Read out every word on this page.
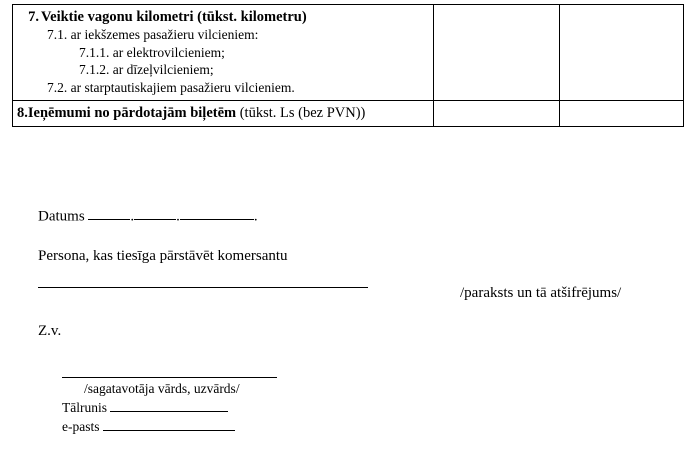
7. Veiktie vagonu kilometri (tūkst. kilometru)
7.1. ar iekšzemes pasažieru vilcieniem:
7.1.1. ar elektrovilcieniem;
7.1.2. ar dīzeļvilcieniem;
7.2. ar starptautiskajiem pasažieru vilcieniem.		

8.Ieņēmumi no pārdotajām biļetēm (tūkst. Ls (bez PVN))		

Datums	.	.	.
Persona, kas tiesīga pārstāvēt komersantu
/paraksts un tā atšifrējums/
Z.v.
/sagatavotāja vārds, uzvārds/
Tālrunis
e-pasts
